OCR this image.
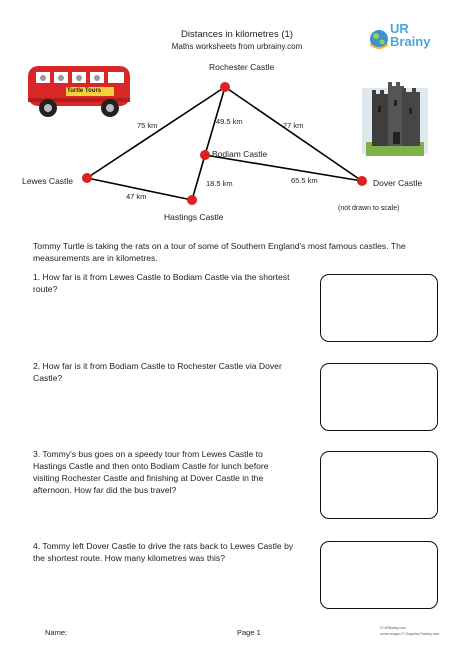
Distances in kilometres (1)
Maths worksheets from urbrainy.com
UR
Brainy
Turtle Tours
Rochester Castle
Lewes Castle
Bodiam Castle
Dover Castle
Hastings Castle
75 km	49.5 km	77 km
18.5 km	65.5 km
47 km
(not drawn to scale)
Tommy Turtle is taking the rats on a tour of some of Southern England's most famous castles. The measurements are in kilometres.
1. How far is it from Lewes Castle to Bodiam Castle via the shortest route?
2. How far is it from Bodiam Castle to Rochester Castle via Dover Castle?
3. Tommy's bus goes on a speedy tour from Lewes Castle to Hastings Castle and then onto Bodiam Castle for lunch before visiting Rochester Castle and finishing at Dover Castle in the afternoon. How far did the bus travel?
4. Tommy left Dover Castle to drive the rats back to Lewes Castle by the shortest route. How many kilometres was this?
Name:	Page 1	© URBrainy.com
some images © Graphics Factory.com
